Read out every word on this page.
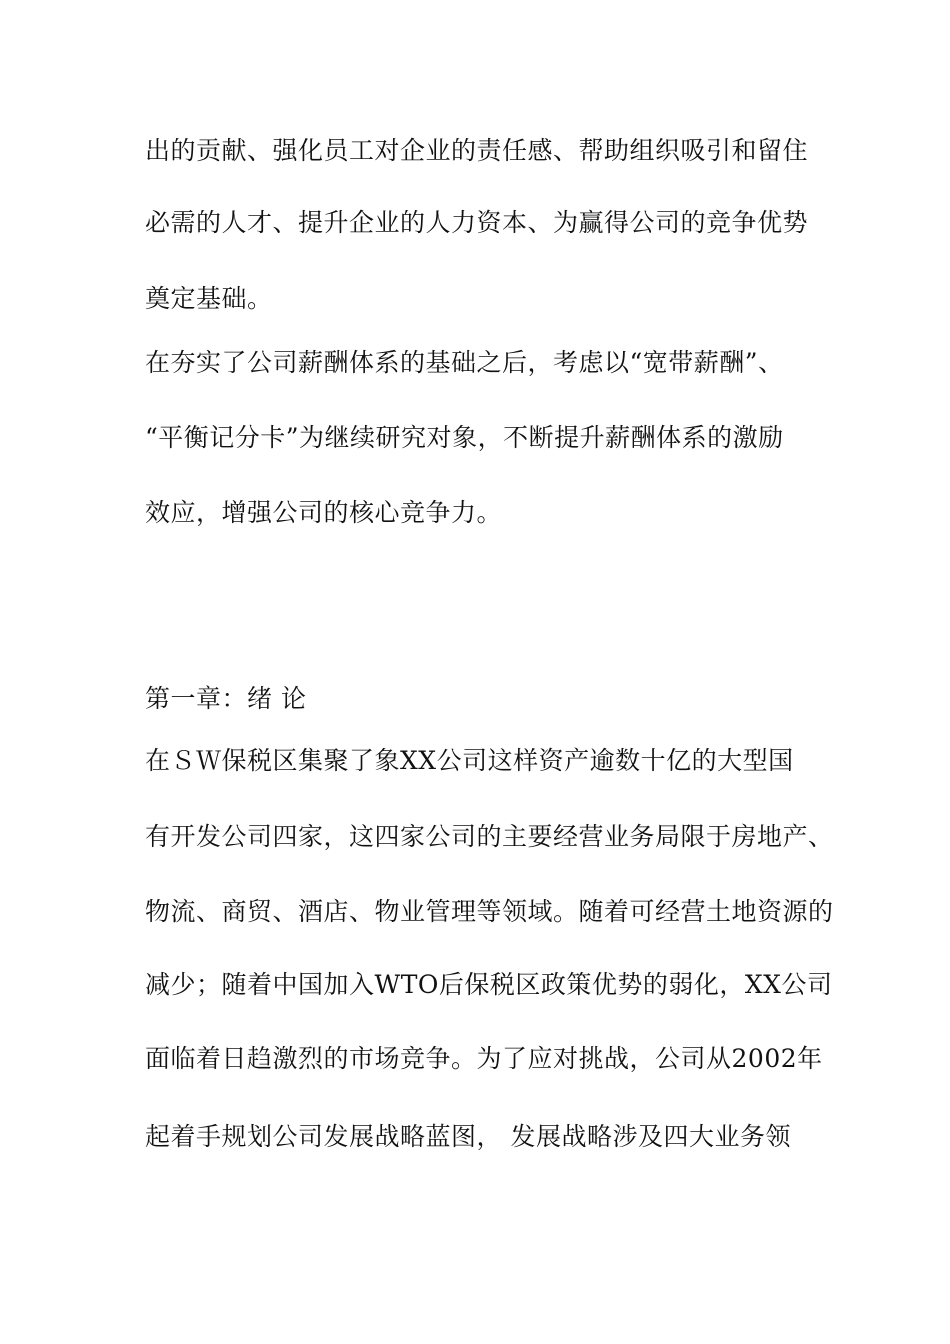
出的贡献、强化员工对企业的责任感、帮助组织吸引和留住
必需的人才、提升企业的人力资本、为赢得公司的竞争优势
奠定基础。
在夯实了公司薪酬体系的基础之后，考虑以“宽带薪酬”、
“平衡记分卡”为继续研究对象，不断提升薪酬体系的激励
效应，增强公司的核心竞争力。
第一章：绪 论
在ＳＷ保税区集聚了象XX公司这样资产逾数十亿的大型国
有开发公司四家，这四家公司的主要经营业务局限于房地产、
物流、商贸、酒店、物业管理等领域。随着可经营土地资源的
减少；随着中国加入WTO后保税区政策优势的弱化，XX公司
面临着日趋激烈的市场竞争。为了应对挑战，公司从2002年
起着手规划公司发展战略蓝图， 发展战略涉及四大业务领
